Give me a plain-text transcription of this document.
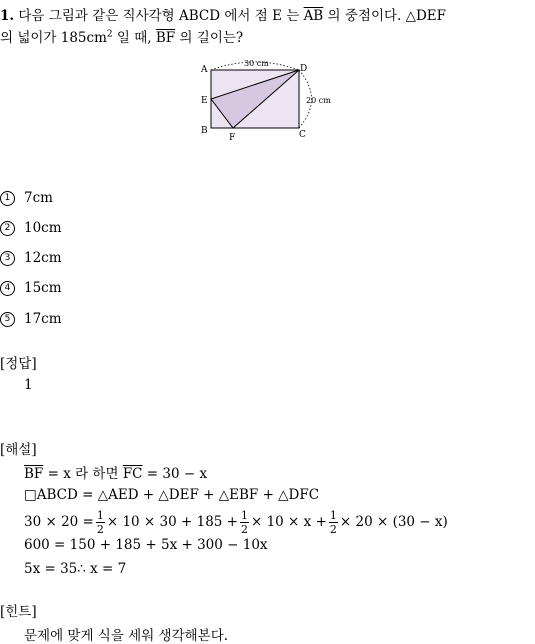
1. 다음 그림과 같은 직사각형 ABCD 에서 점 E 는 $\overline{AB}$ 의 중점이다. △DEF
의 넓이가 $185cm^2$ 일 때, $\overline{BF}$ 의 길이는?
A
B	C
D
E
F
30 cm
20 cm
1	7cm
2	10cm
3	12cm
4	15cm
5	17cm
[정답]
1
[해설]
$\overline{BF} = x$ 라 하면 $\overline{FC} = 30 - x$
□ABCD = △AED + △DEF + △EBF + △DFC
$30 \times 20 = \frac{1}{2} \times 10 \times 30 + 185 + \frac{1}{2} \times 10 \times x + \frac{1}{2} \times 20 \times (30 - x)$
600 = 150 + 185 + 5x + 300 − 10x
5x = 35∴ x = 7
[힌트]
문제에 맞게 식을 세워 생각해본다.
